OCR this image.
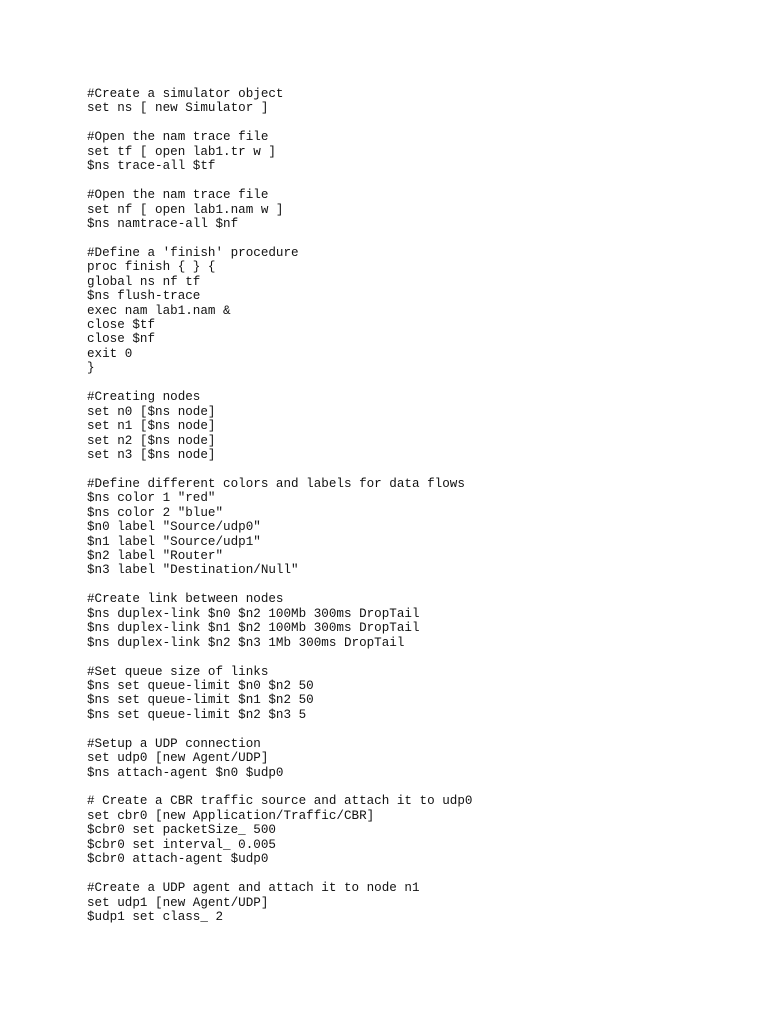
#Create a simulator object
set ns [ new Simulator ]
#Open the nam trace file
set tf [ open lab1.tr w ]
$ns trace-all $tf
#Open the nam trace file
set nf [ open lab1.nam w ]
$ns namtrace-all $nf
#Define a 'finish' procedure
proc finish { } {
global ns nf tf
$ns flush-trace
exec nam lab1.nam &
close $tf
close $nf
exit 0
}
#Creating nodes
set n0 [$ns node]
set n1 [$ns node]
set n2 [$ns node]
set n3 [$ns node]
#Define different colors and labels for data flows
$ns color 1 "red"
$ns color 2 "blue"
$n0 label "Source/udp0"
$n1 label "Source/udp1"
$n2 label "Router"
$n3 label "Destination/Null"
#Create link between nodes
$ns duplex-link $n0 $n2 100Mb 300ms DropTail
$ns duplex-link $n1 $n2 100Mb 300ms DropTail
$ns duplex-link $n2 $n3 1Mb 300ms DropTail
#Set queue size of links
$ns set queue-limit $n0 $n2 50
$ns set queue-limit $n1 $n2 50
$ns set queue-limit $n2 $n3 5
#Setup a UDP connection
set udp0 [new Agent/UDP]
$ns attach-agent $n0 $udp0
# Create a CBR traffic source and attach it to udp0
set cbr0 [new Application/Traffic/CBR]
$cbr0 set packetSize_ 500
$cbr0 set interval_ 0.005
$cbr0 attach-agent $udp0
#Create a UDP agent and attach it to node n1
set udp1 [new Agent/UDP]
$udp1 set class_ 2
